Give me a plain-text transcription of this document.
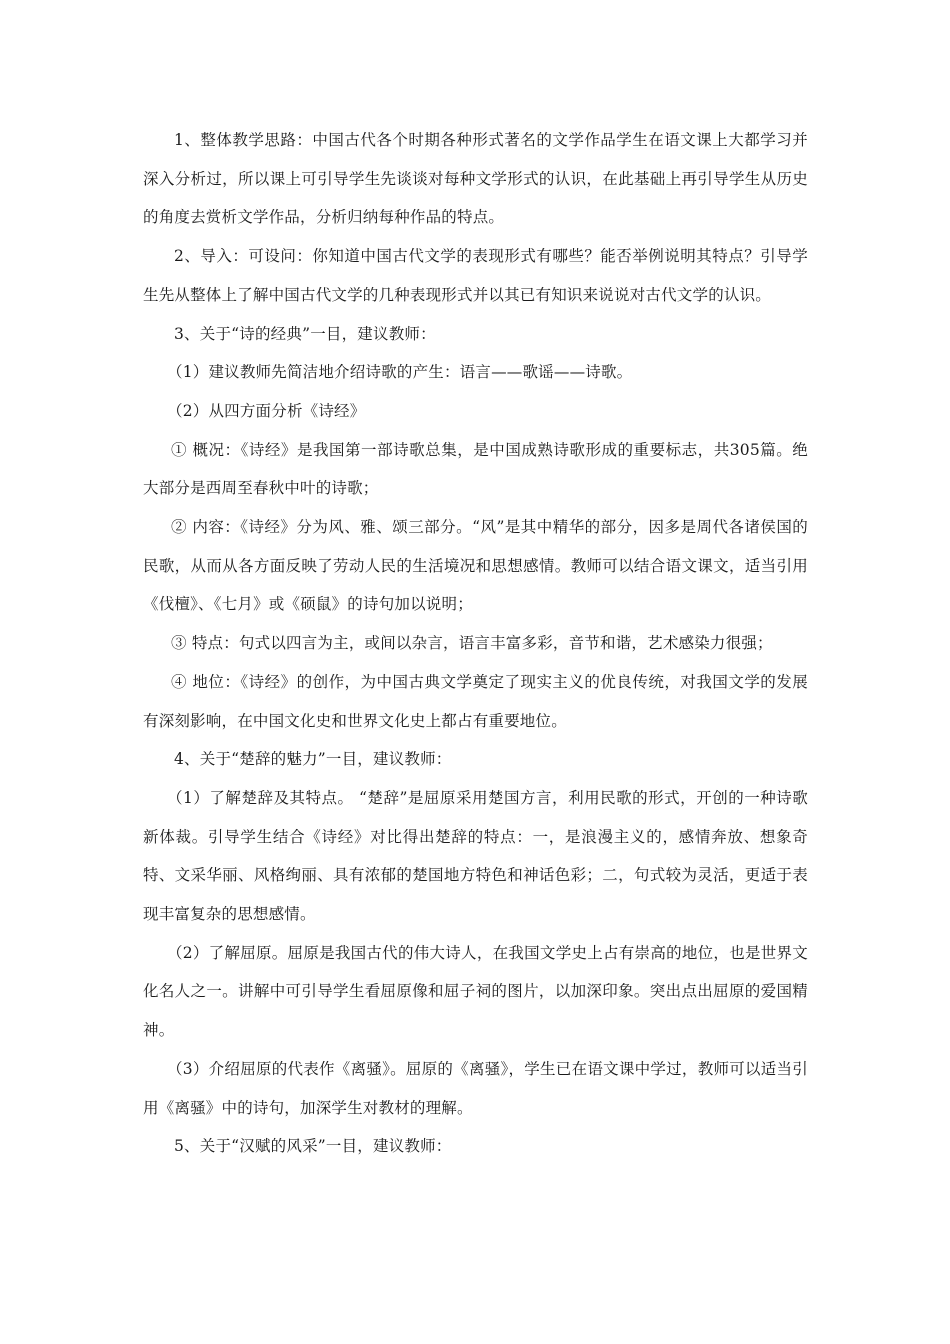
1、整体教学思路：中国古代各个时期各种形式著名的文学作品学生在语文课上大都学习并深入分析过，所以课上可引导学生先谈谈对每种文学形式的认识，在此基础上再引导学生从历史的角度去赏析文学作品，分析归纳每种作品的特点。

2、导入：可设问：你知道中国古代文学的表现形式有哪些？能否举例说明其特点？引导学生先从整体上了解中国古代文学的几种表现形式并以其已有知识来说说对古代文学的认识。

3、关于“诗的经典”一目，建议教师：

（1）建议教师先简洁地介绍诗歌的产生：语言——歌谣——诗歌。

（2）从四方面分析《诗经》

① 概况：《诗经》是我国第一部诗歌总集，是中国成熟诗歌形成的重要标志，共305篇。绝大部分是西周至春秋中叶的诗歌；

② 内容：《诗经》分为风、雅、颂三部分。“风”是其中精华的部分，因多是周代各诸侯国的民歌，从而从各方面反映了劳动人民的生活境况和思想感情。教师可以结合语文课文，适当引用《伐檀》、《七月》或《硕鼠》的诗句加以说明；

③ 特点：句式以四言为主，或间以杂言，语言丰富多彩，音节和谐，艺术感染力很强；

④ 地位：《诗经》的创作，为中国古典文学奠定了现实主义的优良传统，对我国文学的发展有深刻影响，在中国文化史和世界文化史上都占有重要地位。

4、关于“楚辞的魅力”一目，建议教师：

（1）了解楚辞及其特点。 “楚辞”是屈原采用楚国方言，利用民歌的形式，开创的一种诗歌新体裁。引导学生结合《诗经》对比得出楚辞的特点：一，是浪漫主义的，感情奔放、想象奇特、文采华丽、风格绚丽、具有浓郁的楚国地方特色和神话色彩；二，句式较为灵活，更适于表现丰富复杂的思想感情。

（2）了解屈原。屈原是我国古代的伟大诗人，在我国文学史上占有崇高的地位，也是世界文化名人之一。讲解中可引导学生看屈原像和屈子祠的图片，以加深印象。突出点出屈原的爱国精神。

（3）介绍屈原的代表作《离骚》。屈原的《离骚》，学生已在语文课中学过，教师可以适当引用《离骚》中的诗句，加深学生对教材的理解。

5、关于“汉赋的风采”一目，建议教师：
